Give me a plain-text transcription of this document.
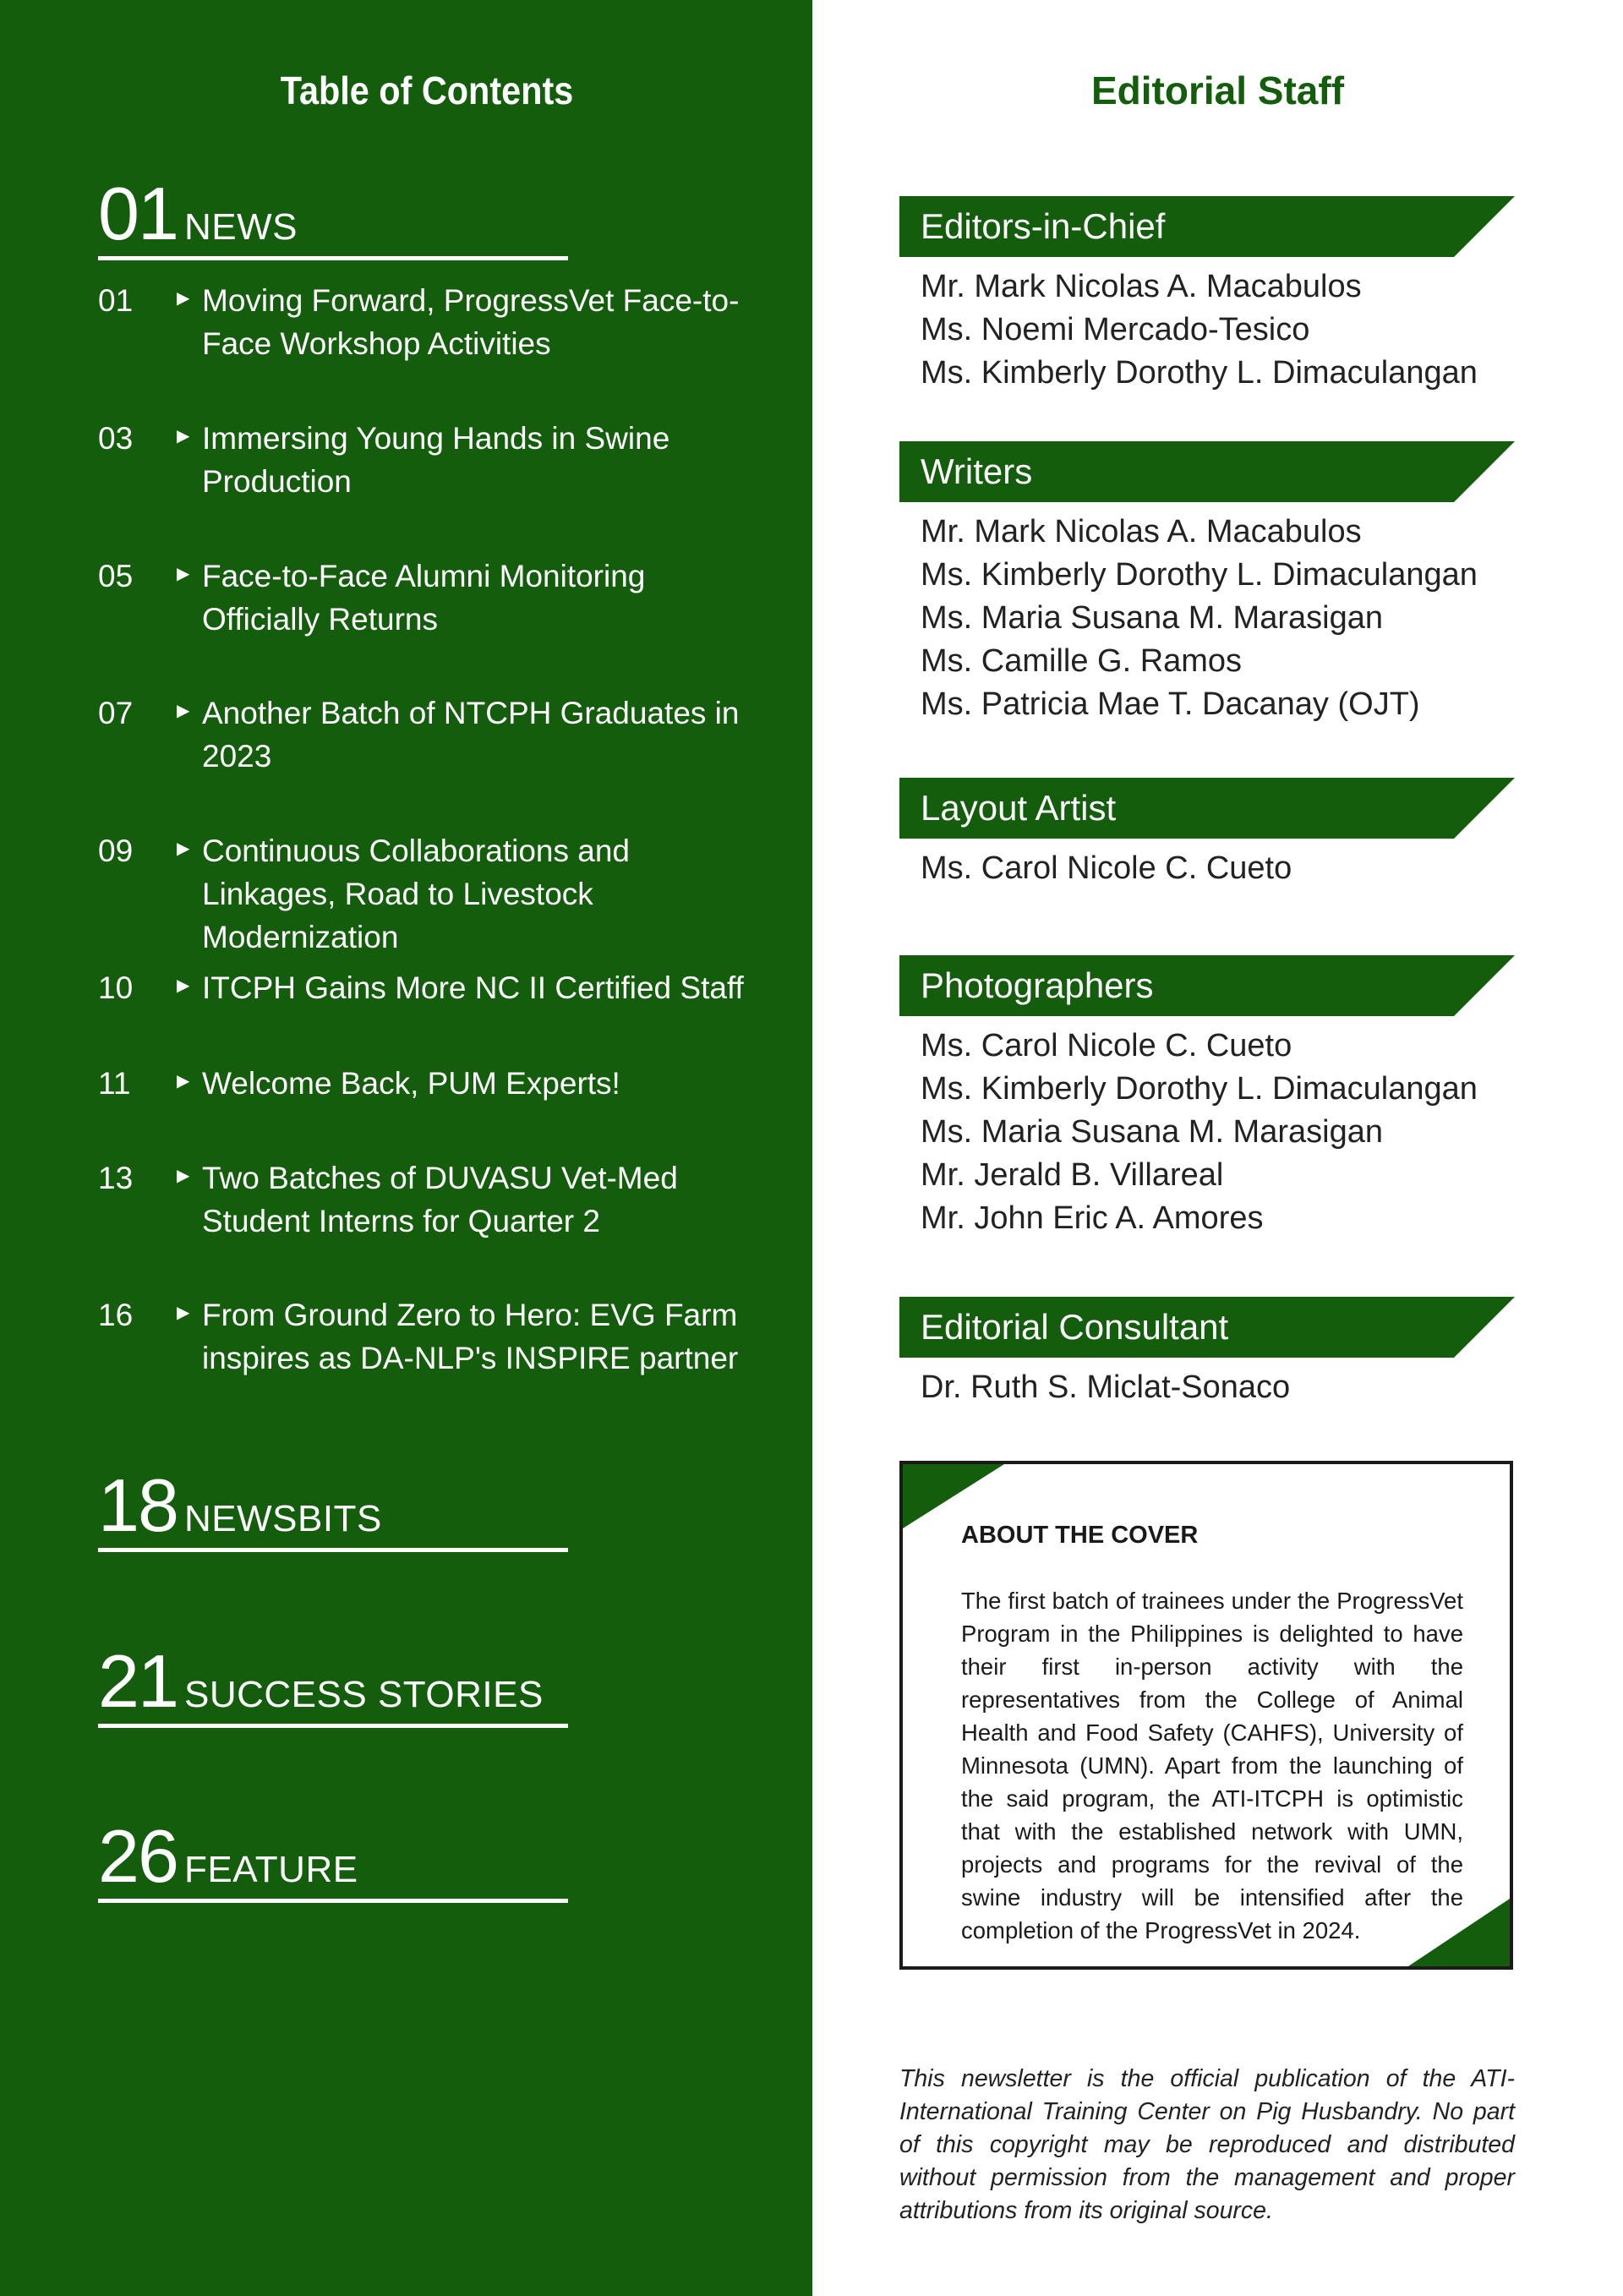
Table of Contents
01 NEWS
01	▶ Moving Forward, ProgressVet Face-to-Face Workshop Activities
03	▶ Immersing Young Hands in Swine Production
05	▶ Face-to-Face Alumni Monitoring Officially Returns
07	▶ Another Batch of NTCPH Graduates in 2023
09	▶ Continuous Collaborations and Linkages, Road to Livestock Modernization
10	▶ ITCPH Gains More NC II Certified Staff
11	▶ Welcome Back, PUM Experts!
13	▶ Two Batches of DUVASU Vet-Med Student Interns for Quarter 2
16	▶ From Ground Zero to Hero: EVG Farm inspires as DA-NLP's INSPIRE partner
18 NEWSBITS
21 SUCCESS STORIES
26 FEATURE
Editorial Staff
Editors-in-Chief
Mr. Mark Nicolas A. Macabulos
Ms. Noemi Mercado-Tesico
Ms. Kimberly Dorothy L. Dimaculangan
Writers
Mr. Mark Nicolas A. Macabulos
Ms. Kimberly Dorothy L. Dimaculangan
Ms. Maria Susana M. Marasigan
Ms. Camille G. Ramos
Ms. Patricia Mae T. Dacanay (OJT)
Layout Artist
Ms. Carol Nicole C. Cueto
Photographers
Ms. Carol Nicole C. Cueto
Ms. Kimberly Dorothy L. Dimaculangan
Ms. Maria Susana M. Marasigan
Mr. Jerald B. Villareal
Mr. John Eric A. Amores
Editorial Consultant
Dr. Ruth S. Miclat-Sonaco
ABOUT THE COVER
The first batch of trainees under the ProgressVet Program in the Philippines is delighted to have their first in-person activity with the representatives from the College of Animal Health and Food Safety (CAHFS), University of Minnesota (UMN). Apart from the launching of the said program, the ATI-ITCPH is optimistic that with the established network with UMN, projects and programs for the revival of the swine industry will be intensified after the completion of the ProgressVet in 2024.
This newsletter is the official publication of the ATI-International Training Center on Pig Husbandry. No part of this copyright may be reproduced and distributed without permission from the management and proper attributions from its original source.
